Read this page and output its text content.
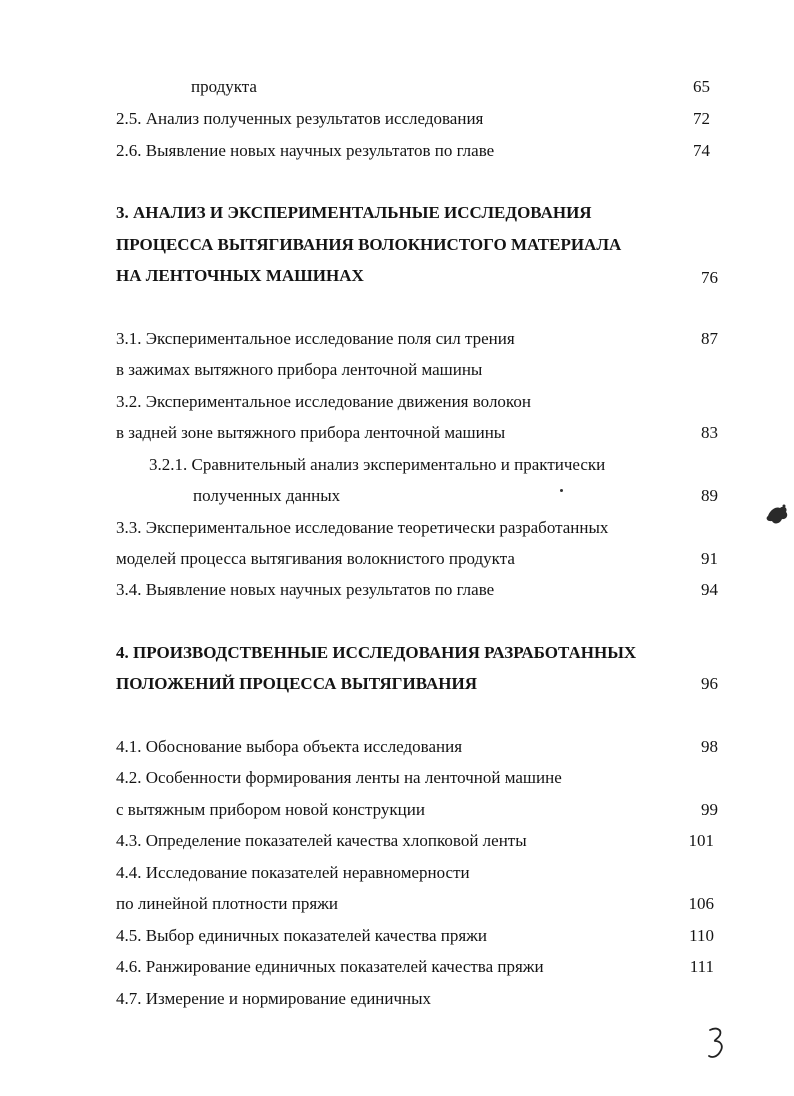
продукта	65
2.5. Анализ полученных результатов исследования	72
2.6. Выявление новых научных результатов по главе	74
3. АНАЛИЗ И ЭКСПЕРИМЕНТАЛЬНЫЕ ИССЛЕДОВАНИЯ
ПРОЦЕССА ВЫТЯГИВАНИЯ ВОЛОКНИСТОГО МАТЕРИАЛА
НА ЛЕНТОЧНЫХ МАШИНАХ	76
3.1. Экспериментальное исследование поля сил трения	87
в зажимах вытяжного прибора ленточной машины
3.2. Экспериментальное исследование движения волокон
в задней зоне вытяжного прибора ленточной машины	83
3.2.1. Сравнительный анализ экспериментально и практически
полученных данных	89
3.3. Экспериментальное исследование теоретически разработанных
моделей процесса вытягивания волокнистого продукта	91
3.4. Выявление новых научных результатов по главе	94
4. ПРОИЗВОДСТВЕННЫЕ ИССЛЕДОВАНИЯ РАЗРАБОТАННЫХ
ПОЛОЖЕНИЙ ПРОЦЕССА ВЫТЯГИВАНИЯ	96
4.1. Обоснование выбора объекта исследования	98
4.2. Особенности формирования ленты на ленточной машине
с вытяжным прибором новой конструкции	99
4.3. Определение показателей качества хлопковой ленты	101
4.4. Исследование показателей неравномерности
по линейной плотности пряжи	106
4.5. Выбор единичных показателей качества пряжи	110
4.6. Ранжирование единичных показателей качества пряжи	111
4.7. Измерение и нормирование единичных
